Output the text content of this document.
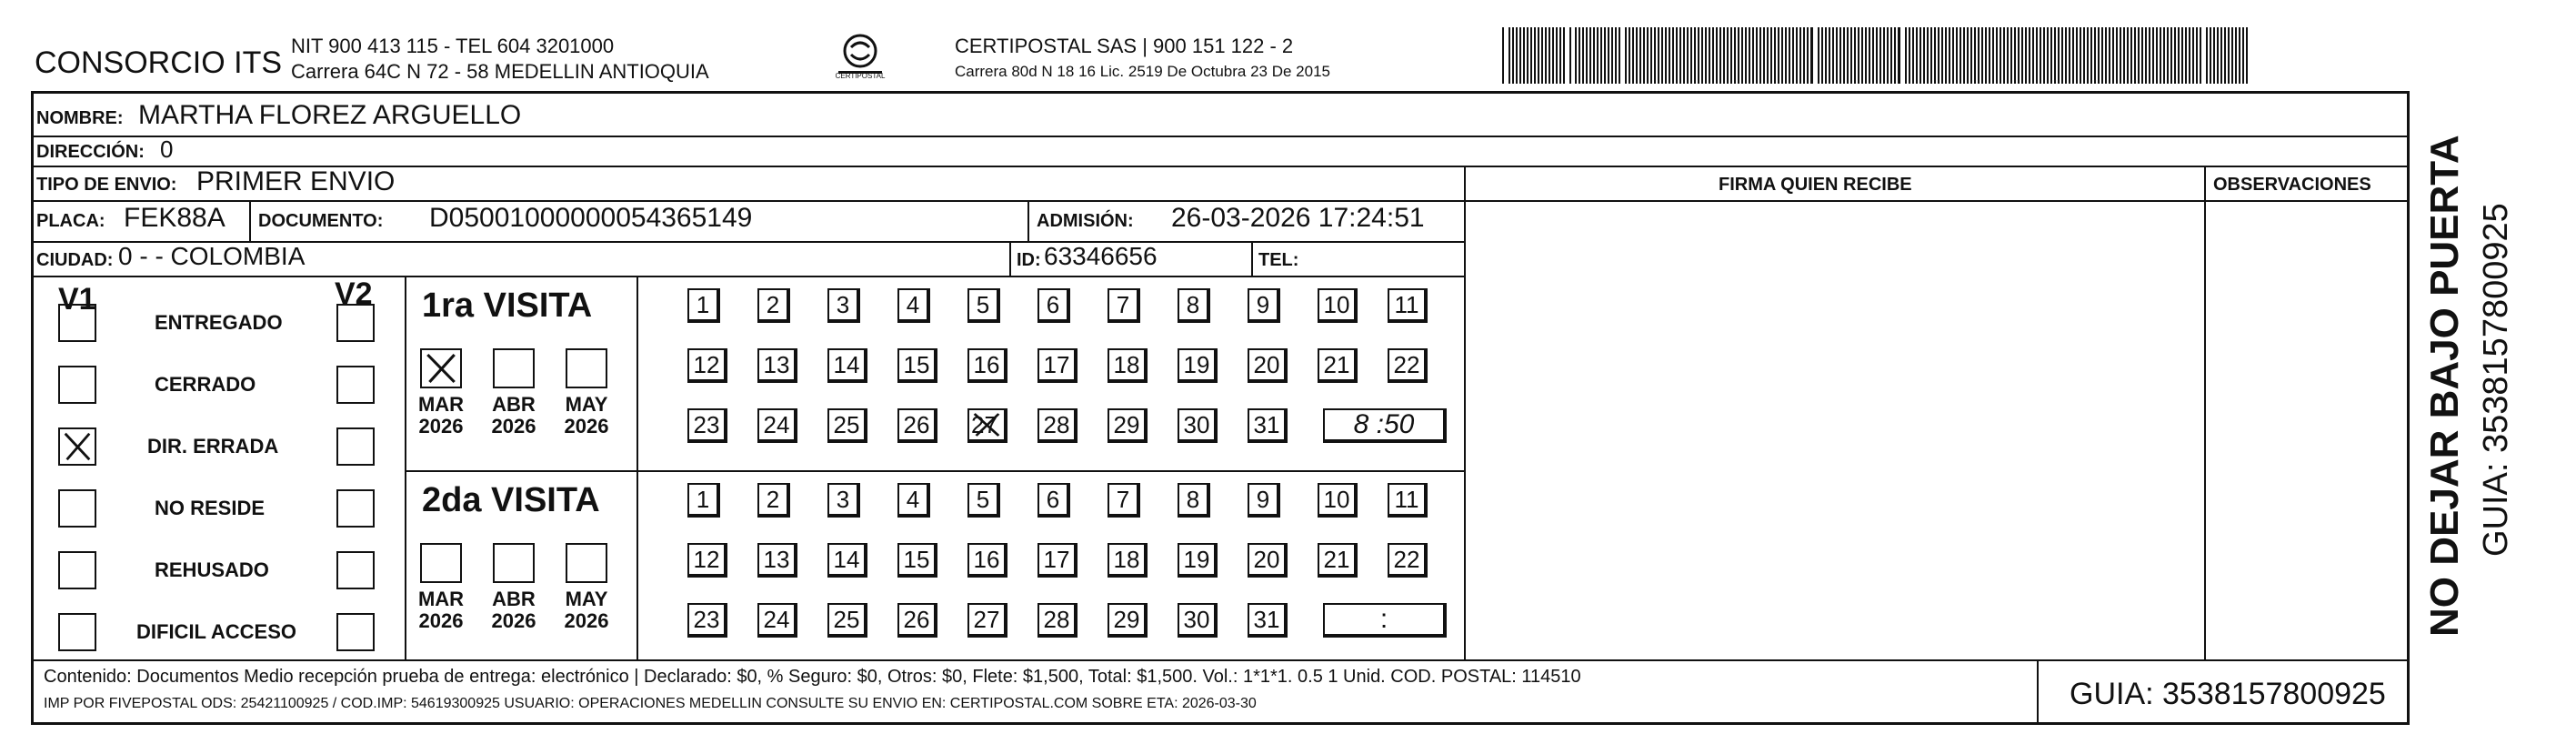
CONSORCIO ITS NIT 900 413 115 - TEL 604 3201000
Carrera 64C N 72 - 58 MEDELLIN ANTIOQUIA	CERTIPOSTAL
CERTIPOSTAL SAS | 900 151 122 - 2
Carrera 80d N 18 16 Lic. 2519 De Octubra 23 De 2015
NOMBRE: MARTHA FLOREZ ARGUELLO
DIRECCIÓN: 0
TIPO DE ENVIO: PRIMER ENVIO	FIRMA QUIEN RECIBE	OBSERVACIONES
PLACA: FEK88A DOCUMENTO: D05001000000054365149	ADMISIÓN: 26-03-2026 17:24:51
CIUDAD: 0 - - COLOMBIA	ID: 63346656	TEL:
V1	V2
ENTREGADO
CERRADO
DIR. ERRADA
NO RESIDE
REHUSADO
DIFICIL ACCESO
1ra VISITA
MAR
2026
ABR
2026
MAY
2026
1	2	3	4	5	6	7	8	9	10	11
12	13	14	15	16	17	18	19	20	21	22
23	24	25	26	27 28	29	30	31	8 :50
2da VISITA
MAR
2026
ABR
2026
MAY
2026
1	2	3	4	5	6	7	8	9	10	11
12	13	14	15	16	17	18	19	20	21	22
23	24	25	26	27	28	29	30	31	:
Contenido: Documentos Medio recepción prueba de entrega: electrónico | Declarado: $0, % Seguro: $0, Otros: $0, Flete: $1,500, Total: $1,500. Vol.: 1*1*1. 0.5 1 Unid. COD. POSTAL: 114510
IMP POR FIVEPOSTAL ODS: 25421100925 / COD.IMP: 54619300925 USUARIO: OPERACIONES MEDELLIN CONSULTE SU ENVIO EN: CERTIPOSTAL.COM SOBRE ETA: 2026-03-30	GUIA: 3538157800925
NO DEJAR BAJO PUERTA GUIA: 3538157800925
